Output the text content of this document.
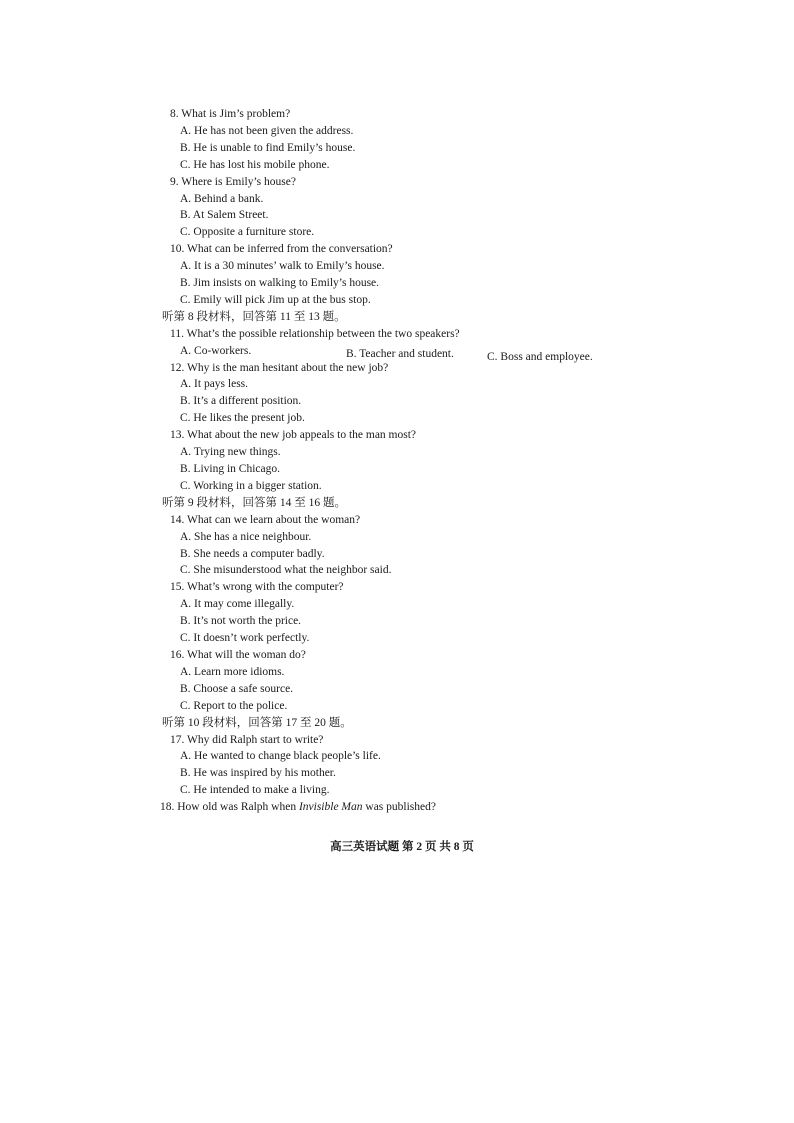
8. What is Jim’s problem?
A. He has not been given the address.
B. He is unable to find Emily’s house.
C. He has lost his mobile phone.
9. Where is Emily’s house?
A. Behind a bank.
B. At Salem Street.
C. Opposite a furniture store.
10. What can be inferred from the conversation?
A. It is a 30 minutes’ walk to Emily’s house.
B. Jim insists on walking to Emily’s house.
C. Emily will pick Jim up at the bus stop.
听第 8 段材料，回答第 11 至 13 题。
11. What’s the possible relationship between the two speakers?
A. Co-workers.	B. Teacher and student.	C. Boss and employee.
12. Why is the man hesitant about the new job?
A. It pays less.
B. It’s a different position.
C. He likes the present job.
13. What about the new job appeals to the man most?
A. Trying new things.
B. Living in Chicago.
C. Working in a bigger station.
听第 9 段材料，回答第 14 至 16 题。
14. What can we learn about the woman?
A. She has a nice neighbour.
B. She needs a computer badly.
C. She misunderstood what the neighbor said.
15. What’s wrong with the computer?
A. It may come illegally.
B. It’s not worth the price.
C. It doesn’t work perfectly.
16. What will the woman do?
A. Learn more idioms.
B. Choose a safe source.
C. Report to the police.
听第 10 段材料，回答第 17 至 20 题。
17. Why did Ralph start to write?
A. He wanted to change black people’s life.
B. He was inspired by his mother.
C. He intended to make a living.
18. How old was Ralph when Invisible Man was published?
高三英语试题 第 2 页 共 8 页
